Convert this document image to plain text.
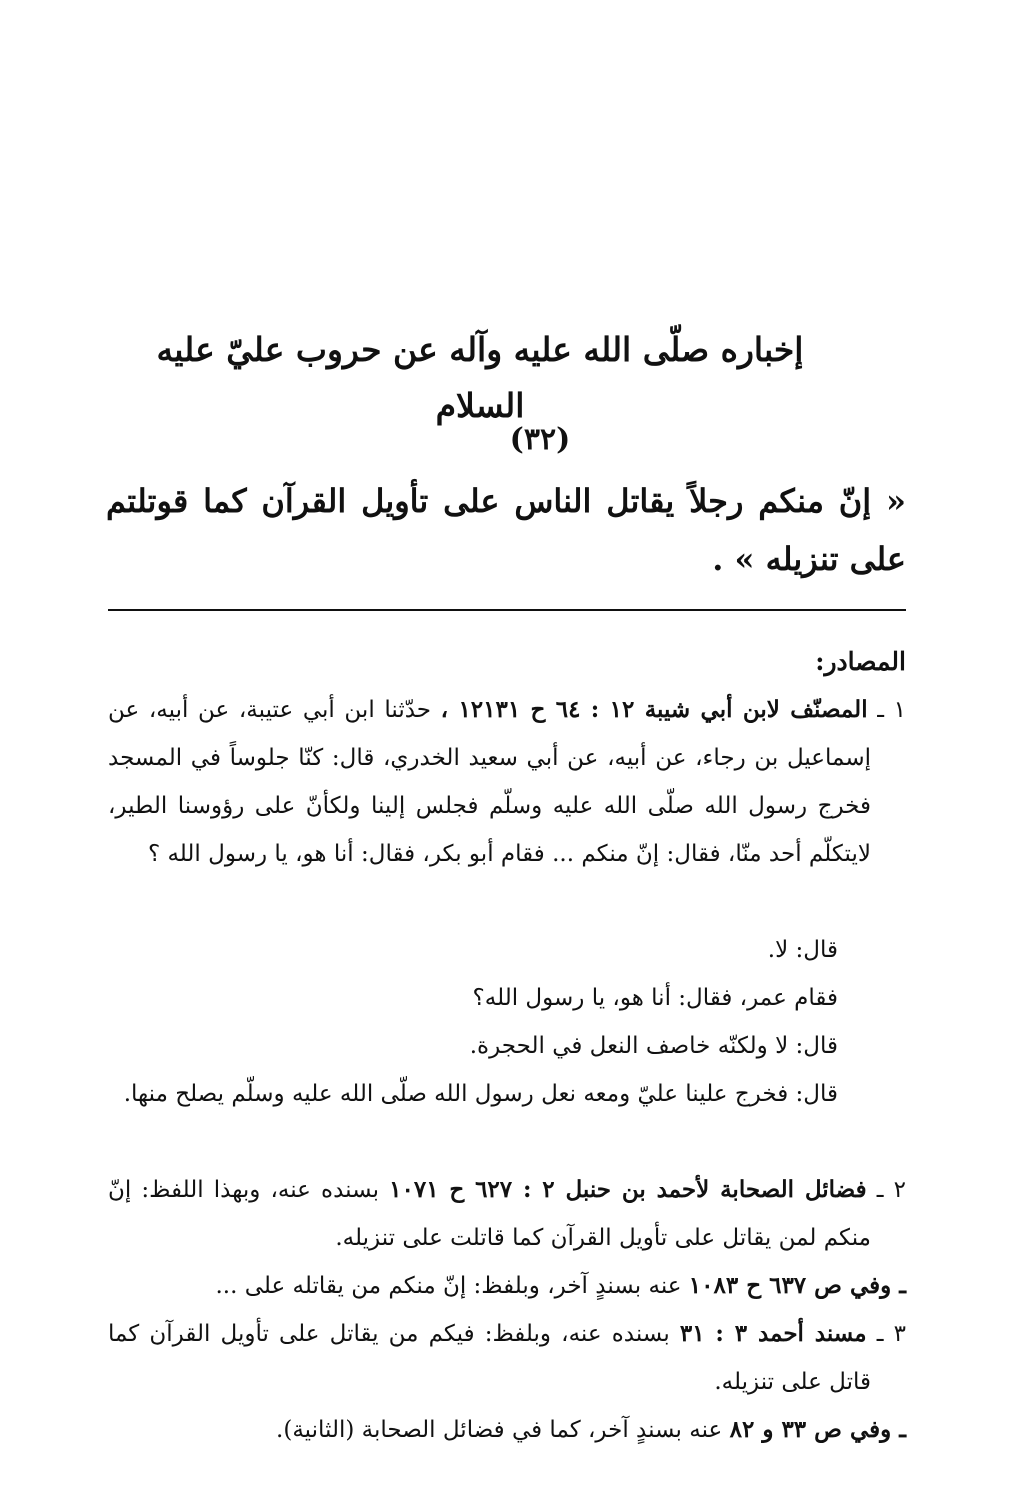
إخباره صلّى الله عليه وآله عن حروب عليّ عليه السلام
(٣٢)
« إنّ منكم رجلاً يقاتل الناس على تأويل القرآن كما قوتلتم على تنزيله » .
المصادر:
١ ـ المصنّف لابن أبي شيبة ١٢ : ٦٤ ح ١٢١٣١ ، حدّثنا ابن أبي عتيبة، عن أبيه، عن إسماعيل بن رجاء، عن أبيه، عن أبي سعيد الخدري، قال: كنّا جلوساً في المسجد فخرج رسول الله صلّى الله عليه وسلّم فجلس إلينا ولكأنّ على رؤوسنا الطير، لايتكلّم أحد منّا، فقال: إنّ منكم ... فقام أبو بكر، فقال: أنا هو، يا رسول الله ؟
قال: لا.
فقام عمر، فقال: أنا هو، يا رسول الله؟
قال: لا ولكنّه خاصف النعل في الحجرة.
قال: فخرج علينا عليّ ومعه نعل رسول الله صلّى الله عليه وسلّم يصلح منها.
٢ ـ فضائل الصحابة لأحمد بن حنبل ٢ : ٦٢٧ ح ١٠٧١ بسنده عنه، وبهذا اللفظ: إنّ منكم لمن يقاتل على تأويل القرآن كما قاتلت على تنزيله.
ـ وفي ص ٦٣٧ ح ١٠٨٣ عنه بسندٍ آخر، وبلفظ: إنّ منكم من يقاتله على ...
٣ ـ مسند أحمد ٣ : ٣١ بسنده عنه، وبلفظ: فيكم من يقاتل على تأويل القرآن كما قاتل على تنزيله.
ـ وفي ص ٣٣ و ٨٢ عنه بسندٍ آخر، كما في فضائل الصحابة (الثانية).
